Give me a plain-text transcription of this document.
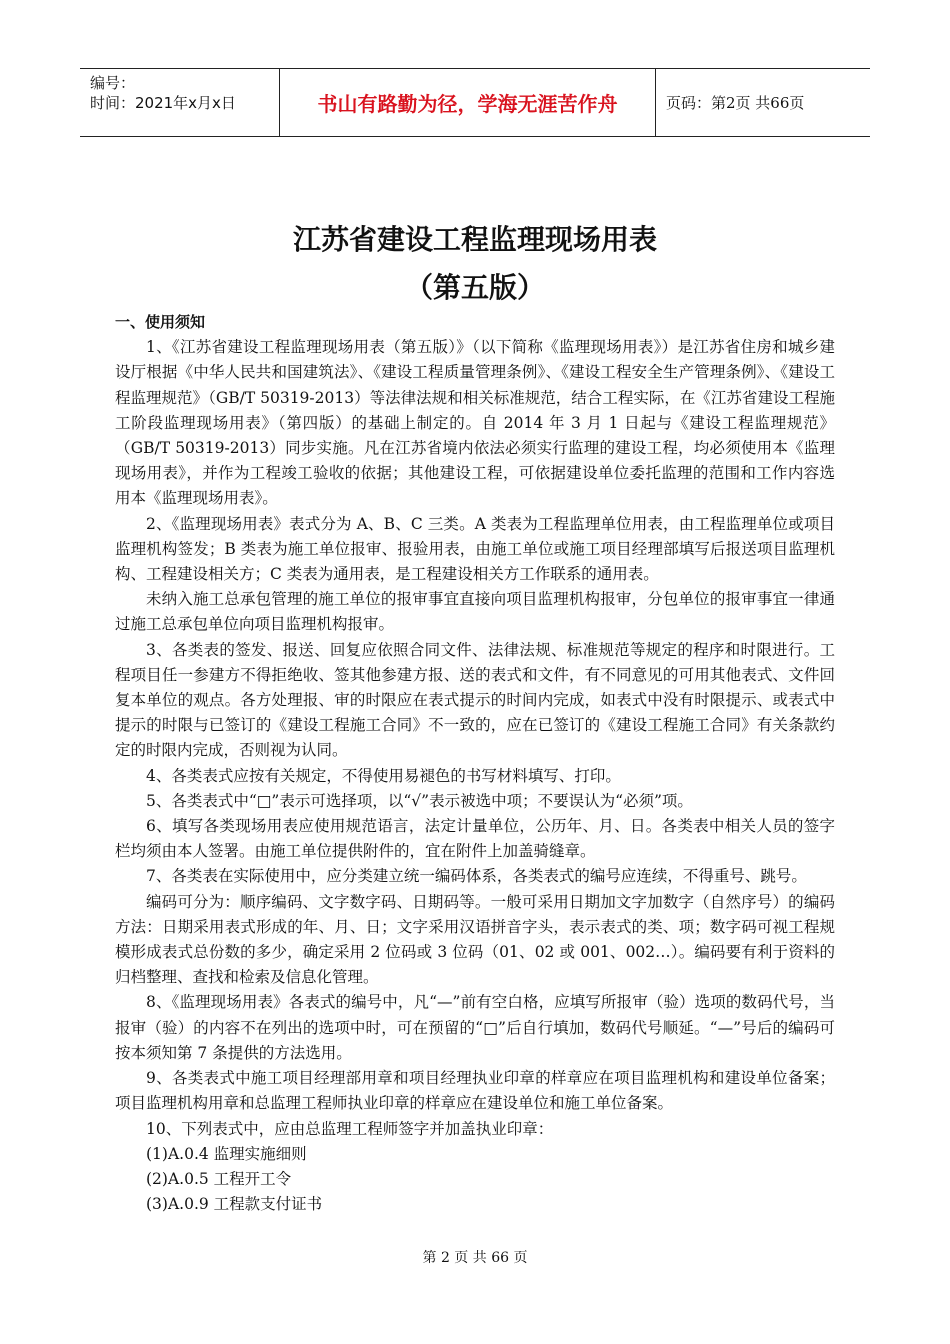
编号：
时间：2021年x月x日	书山有路勤为径，学海无涯苦作舟	页码：第2页 共66页
江苏省建设工程监理现场用表
（第五版）
一、使用须知

1、《江苏省建设工程监理现场用表（第五版）》（以下简称《监理现场用表》）是江苏省住房和城乡建设厅根据《中华人民共和国建筑法》、《建设工程质量管理条例》、《建设工程安全生产管理条例》、《建设工程监理规范》（GB/T 50319-2013）等法律法规和相关标准规范，结合工程实际，在《江苏省建设工程施工阶段监理现场用表》（第四版）的基础上制定的。自 2014 年 3 月 1 日起与《建设工程监理规范》（GB/T 50319-2013）同步实施。凡在江苏省境内依法必须实行监理的建设工程，均必须使用本《监理现场用表》，并作为工程竣工验收的依据；其他建设工程，可依据建设单位委托监理的范围和工作内容选用本《监理现场用表》。

2、《监理现场用表》表式分为 A、B、C 三类。A 类表为工程监理单位用表，由工程监理单位或项目监理机构签发；B 类表为施工单位报审、报验用表，由施工单位或施工项目经理部填写后报送项目监理机构、工程建设相关方；C 类表为通用表，是工程建设相关方工作联系的通用表。

未纳入施工总承包管理的施工单位的报审事宜直接向项目监理机构报审，分包单位的报审事宜一律通过施工总承包单位向项目监理机构报审。

3、各类表的签发、报送、回复应依照合同文件、法律法规、标准规范等规定的程序和时限进行。工程项目任一参建方不得拒绝收、签其他参建方报、送的表式和文件，有不同意见的可用其他表式、文件回复本单位的观点。各方处理报、审的时限应在表式提示的时间内完成，如表式中没有时限提示、或表式中提示的时限与已签订的《建设工程施工合同》不一致的，应在已签订的《建设工程施工合同》有关条款约定的时限内完成，否则视为认同。

4、各类表式应按有关规定，不得使用易褪色的书写材料填写、打印。

5、各类表式中“□”表示可选择项，以“√”表示被选中项；不要误认为“必须”项。

6、填写各类现场用表应使用规范语言，法定计量单位，公历年、月、日。各类表中相关人员的签字栏均须由本人签署。由施工单位提供附件的，宜在附件上加盖骑缝章。

7、各类表在实际使用中，应分类建立统一编码体系，各类表式的编号应连续，不得重号、跳号。

编码可分为：顺序编码、文字数字码、日期码等。一般可采用日期加文字加数字（自然序号）的编码方法：日期采用表式形成的年、月、日；文字采用汉语拼音字头，表示表式的类、项；数字码可视工程规模形成表式总份数的多少，确定采用 2 位码或 3 位码（01、02 或 001、002…）。编码要有利于资料的归档整理、查找和检索及信息化管理。

8、《监理现场用表》各表式的编号中，凡“—”前有空白格，应填写所报审（验）选项的数码代号，当报审（验）的内容不在列出的选项中时，可在预留的“□”后自行填加，数码代号顺延。“—”号后的编码可按本须知第 7 条提供的方法选用。

9、各类表式中施工项目经理部用章和项目经理执业印章的样章应在项目监理机构和建设单位备案；项目监理机构用章和总监理工程师执业印章的样章应在建设单位和施工单位备案。

10、下列表式中，应由总监理工程师签字并加盖执业印章：

(1)A.0.4 监理实施细则
(2)A.0.5 工程开工令
(3)A.0.9 工程款支付证书
第 2 页 共 66 页
